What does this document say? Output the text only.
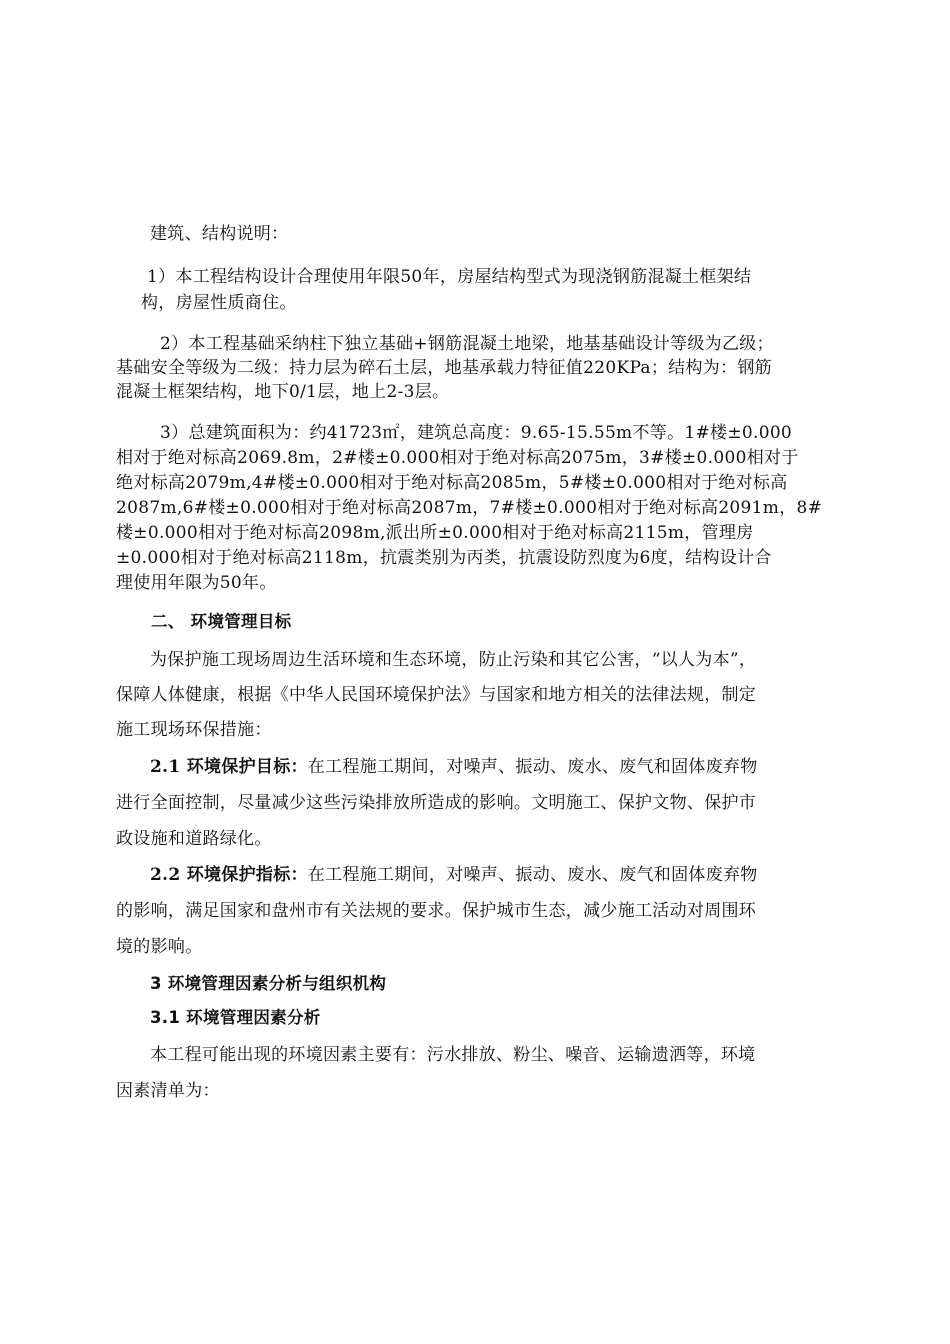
建筑、结构说明：
1）本工程结构设计合理使用年限50年，房屋结构型式为现浇钢筋混凝土框架结
构，房屋性质商住。
2）本工程基础采纳柱下独立基础+钢筋混凝土地梁，地基基础设计等级为乙级；
基础安全等级为二级：持力层为碎石土层，地基承载力特征值220KPa；结构为：钢筋
混凝土框架结构，地下0/1层，地上2-3层。
3）总建筑面积为：约41723㎡，建筑总高度：9.65-15.55m不等。1#楼±0.000
相对于绝对标高2069.8m，2#楼±0.000相对于绝对标高2075m，3#楼±0.000相对于
绝对标高2079m,4#楼±0.000相对于绝对标高2085m，5#楼±0.000相对于绝对标高
2087m,6#楼±0.000相对于绝对标高2087m，7#楼±0.000相对于绝对标高2091m，8#
楼±0.000相对于绝对标高2098m,派出所±0.000相对于绝对标高2115m，管理房
±0.000相对于绝对标高2118m，抗震类别为丙类，抗震设防烈度为6度，结构设计合
理使用年限为50年。
二、 环境管理目标
为保护施工现场周边生活环境和生态环境，防止污染和其它公害，“以人为本”，
保障人体健康，根据《中华人民国环境保护法》与国家和地方相关的法律法规，制定
施工现场环保措施：
2.1 环境保护目标：在工程施工期间，对噪声、振动、废水、废气和固体废弃物
进行全面控制，尽量减少这些污染排放所造成的影响。文明施工、保护文物、保护市
政设施和道路绿化。
2.2 环境保护指标：在工程施工期间，对噪声、振动、废水、废气和固体废弃物
的影响，满足国家和盘州市有关法规的要求。保护城市生态，减少施工活动对周围环
境的影响。
3 环境管理因素分析与组织机构
3.1 环境管理因素分析
本工程可能出现的环境因素主要有：污水排放、粉尘、噪音、运输遗洒等，环境
因素清单为：
